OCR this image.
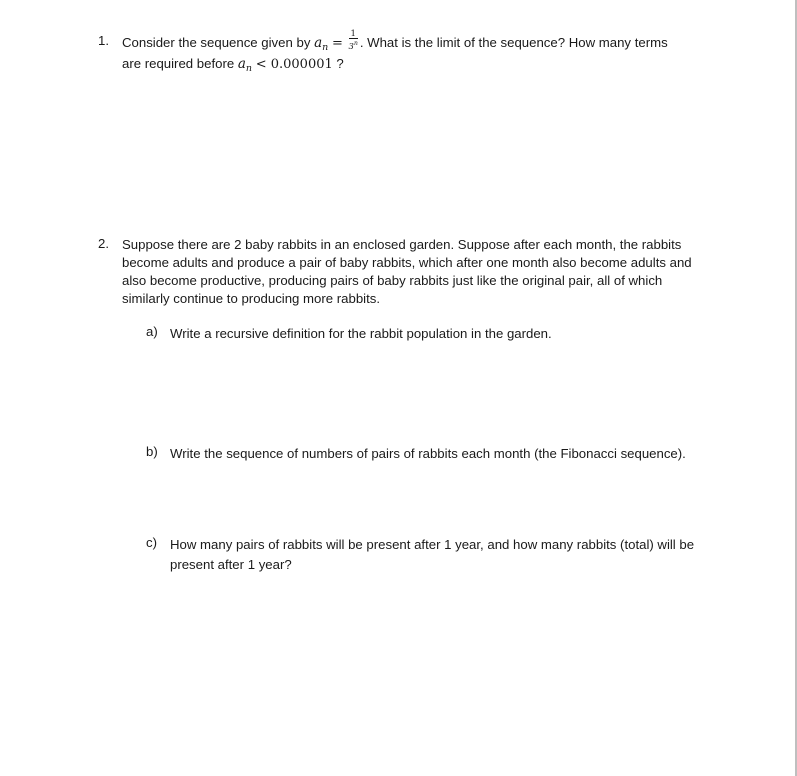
1. Consider the sequence given by $a_n = \frac{1}{3^n}$ . What is the limit of the sequence? How many terms
are required before $a_n < 0.000001$ ?
2. Suppose there are 2 baby rabbits in an enclosed garden. Suppose after each month, the rabbits become adults and produce a pair of baby rabbits, which after one month also become adults and also become productive, producing pairs of baby rabbits just like the original pair, all of which similarly continue to producing more rabbits.
a) Write a recursive definition for the rabbit population in the garden.
b) Write the sequence of numbers of pairs of rabbits each month (the Fibonacci sequence).
c) How many pairs of rabbits will be present after 1 year, and how many rabbits (total) will be present after 1 year?
